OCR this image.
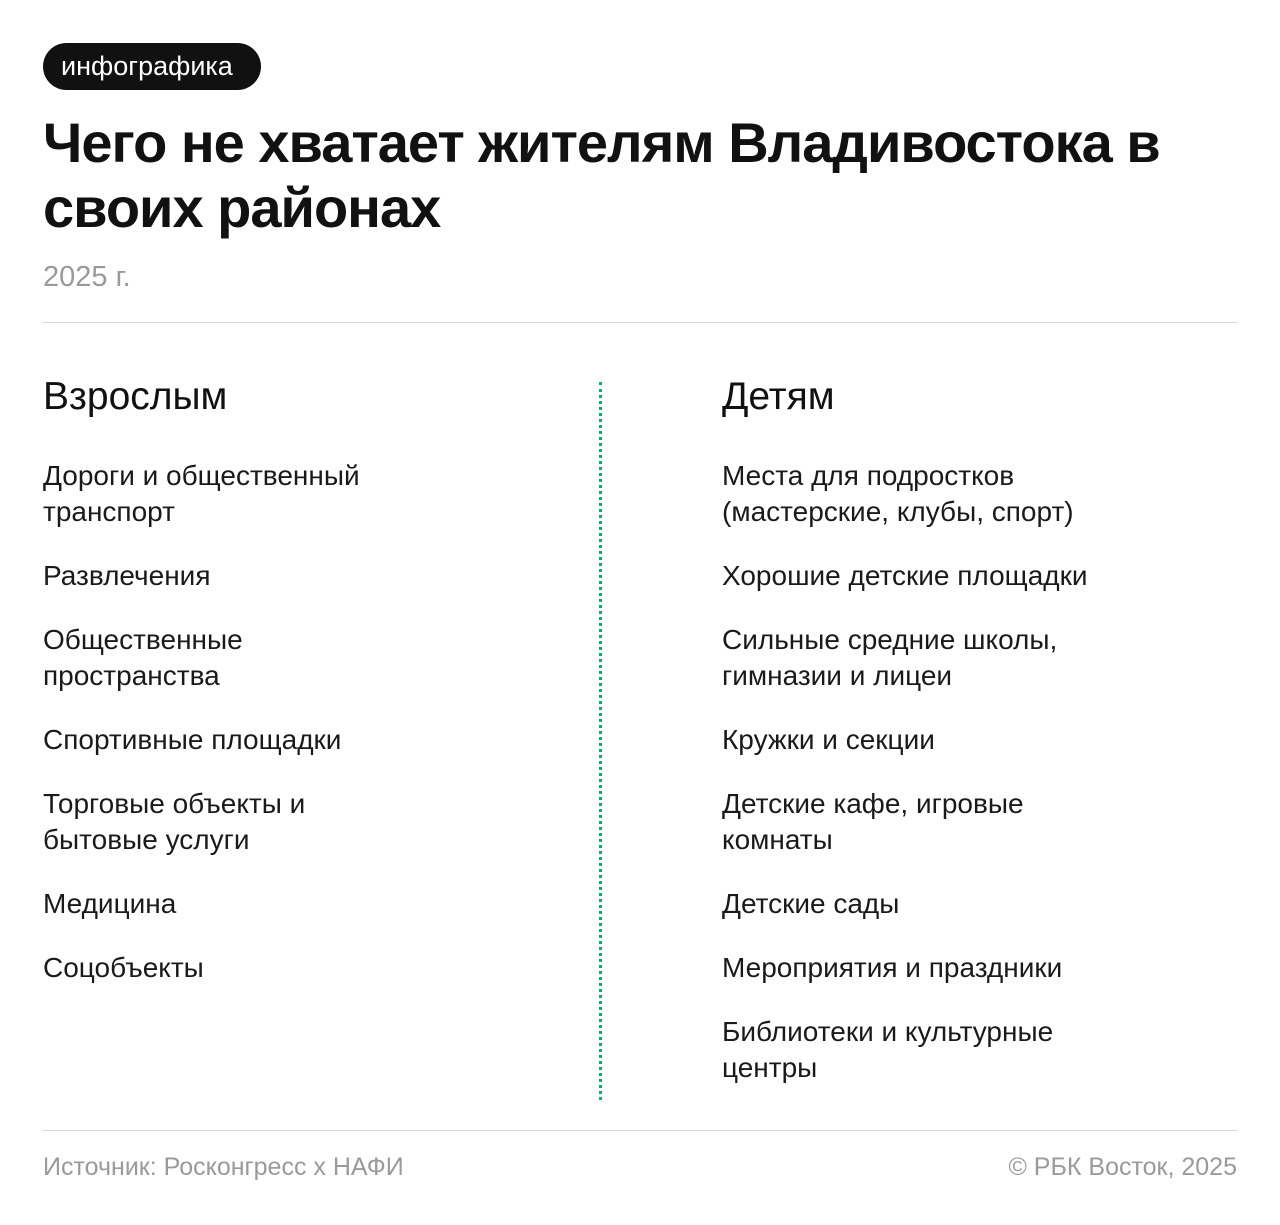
инфографика
Чего не хватает жителям Владивостока в своих районах
2025 г.
Взрослым
Дороги и общественный транспорт
Развлечения
Общественные пространства
Спортивные площадки
Торговые объекты и бытовые услуги
Медицина
Соцобъекты
Детям
Места для подростков (мастерские, клубы, спорт)
Хорошие детские площадки
Сильные средние школы, гимназии и лицеи
Кружки и секции
Детские кафе, игровые комнаты
Детские сады
Мероприятия и праздники
Библиотеки и культурные центры
Источник: Росконгресс x НАФИ	© РБК Восток, 2025
